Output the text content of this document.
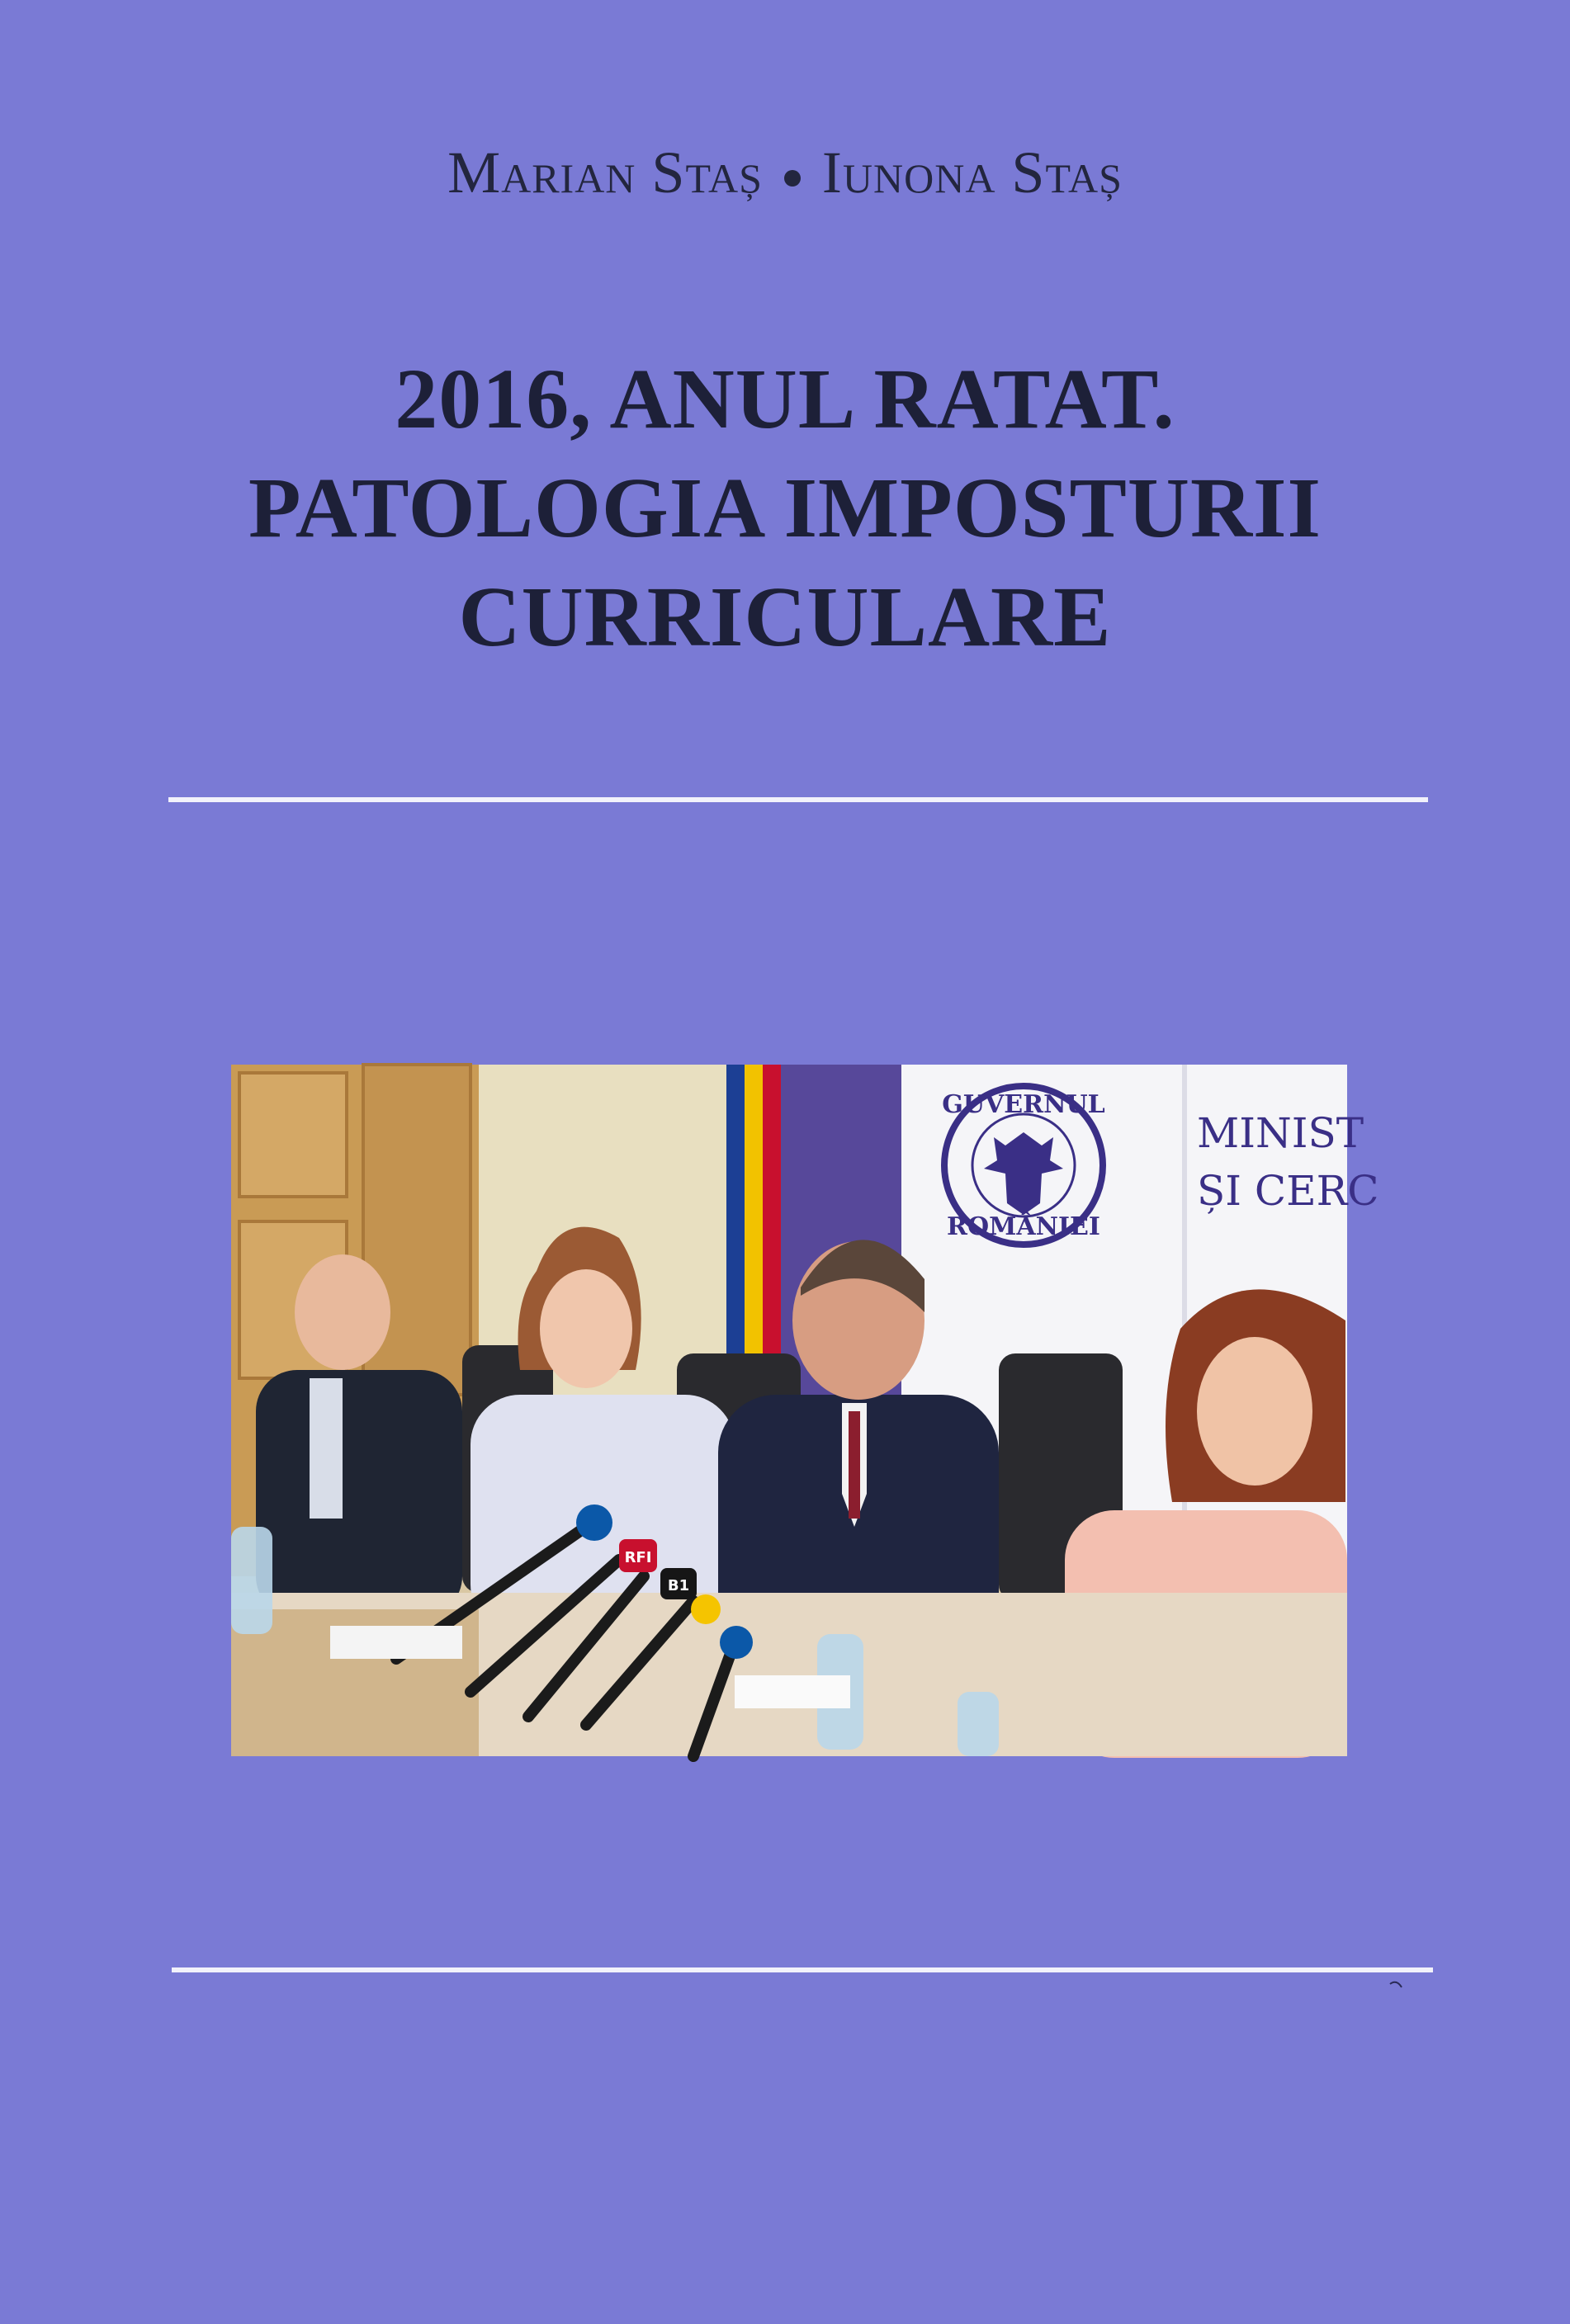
Marian Staș Iunona Staș
2016, ANUL RATAT.
PATOLOGIA IMPOSTURII
CURRICULARE
GUVERNUL
ROMÂNIEI
MINIST
ȘI CERC
RFI
B1
